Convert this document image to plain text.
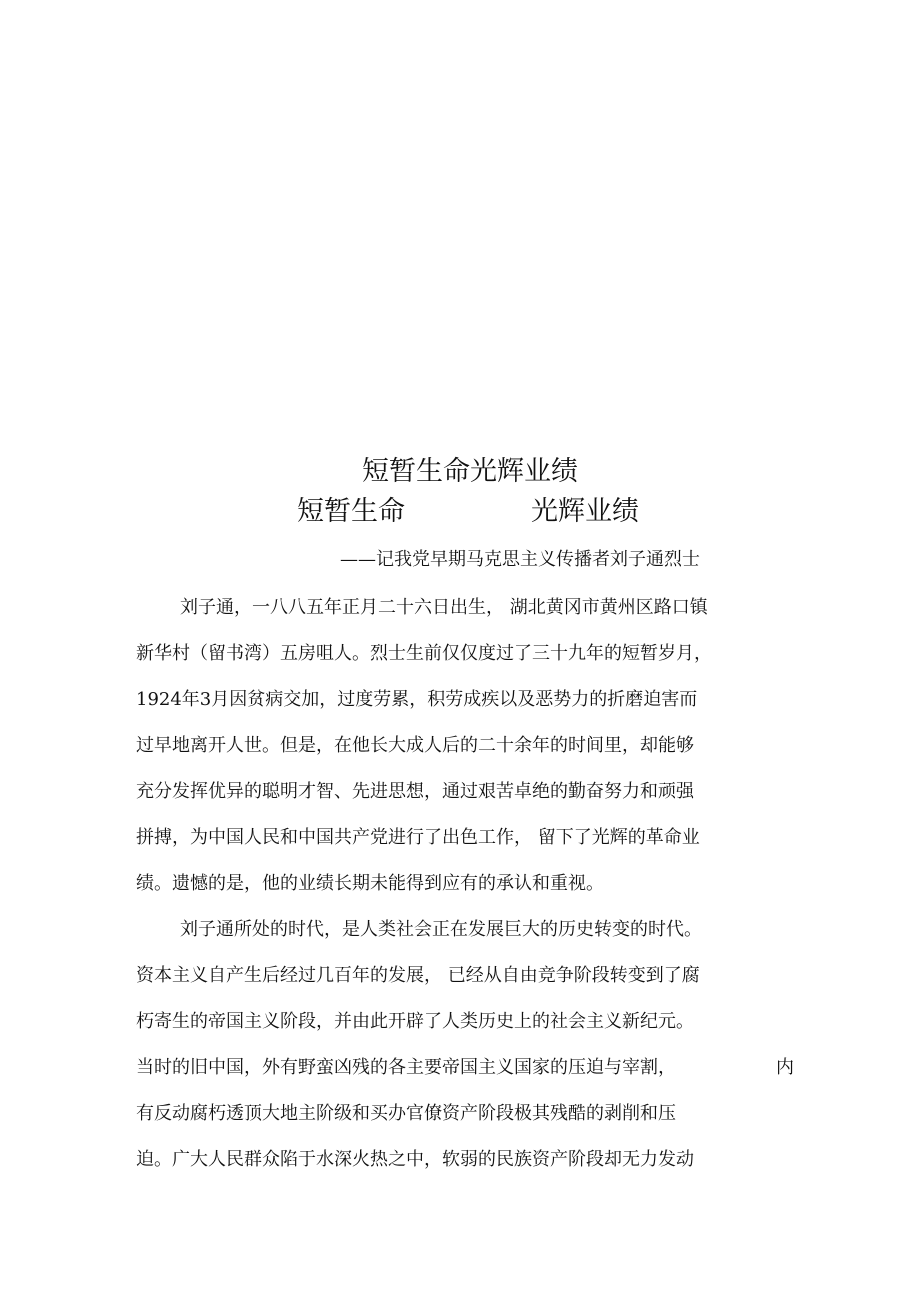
短暂生命光辉业绩
短暂生命	光辉业绩
——记我党早期马克思主义传播者刘子通烈士
刘子通，一八八五年正月二十六日出生， 湖北黄冈市黄州区路口镇
新华村（留书湾）五房咀人。烈士生前仅仅度过了三十九年的短暂岁月，
1924年3月因贫病交加，过度劳累，积劳成疾以及恶势力的折磨迫害而
过早地离开人世。但是，在他长大成人后的二十余年的时间里，却能够
充分发挥优异的聪明才智、先进思想，通过艰苦卓绝的勤奋努力和顽强
拼搏，为中国人民和中国共产党进行了出色工作， 留下了光辉的革命业
绩。遗憾的是，他的业绩长期未能得到应有的承认和重视。
刘子通所处的时代，是人类社会正在发展巨大的历史转变的时代。
资本主义自产生后经过几百年的发展， 已经从自由竞争阶段转变到了腐
朽寄生的帝国主义阶段，并由此开辟了人类历史上的社会主义新纪元。
当时的旧中国，外有野蛮凶残的各主要帝国主义国家的压迫与宰割，	内
有反动腐朽透顶大地主阶级和买办官僚资产阶段极其残酷的剥削和压
迫。广大人民群众陷于水深火热之中，软弱的民族资产阶段却无力发动
